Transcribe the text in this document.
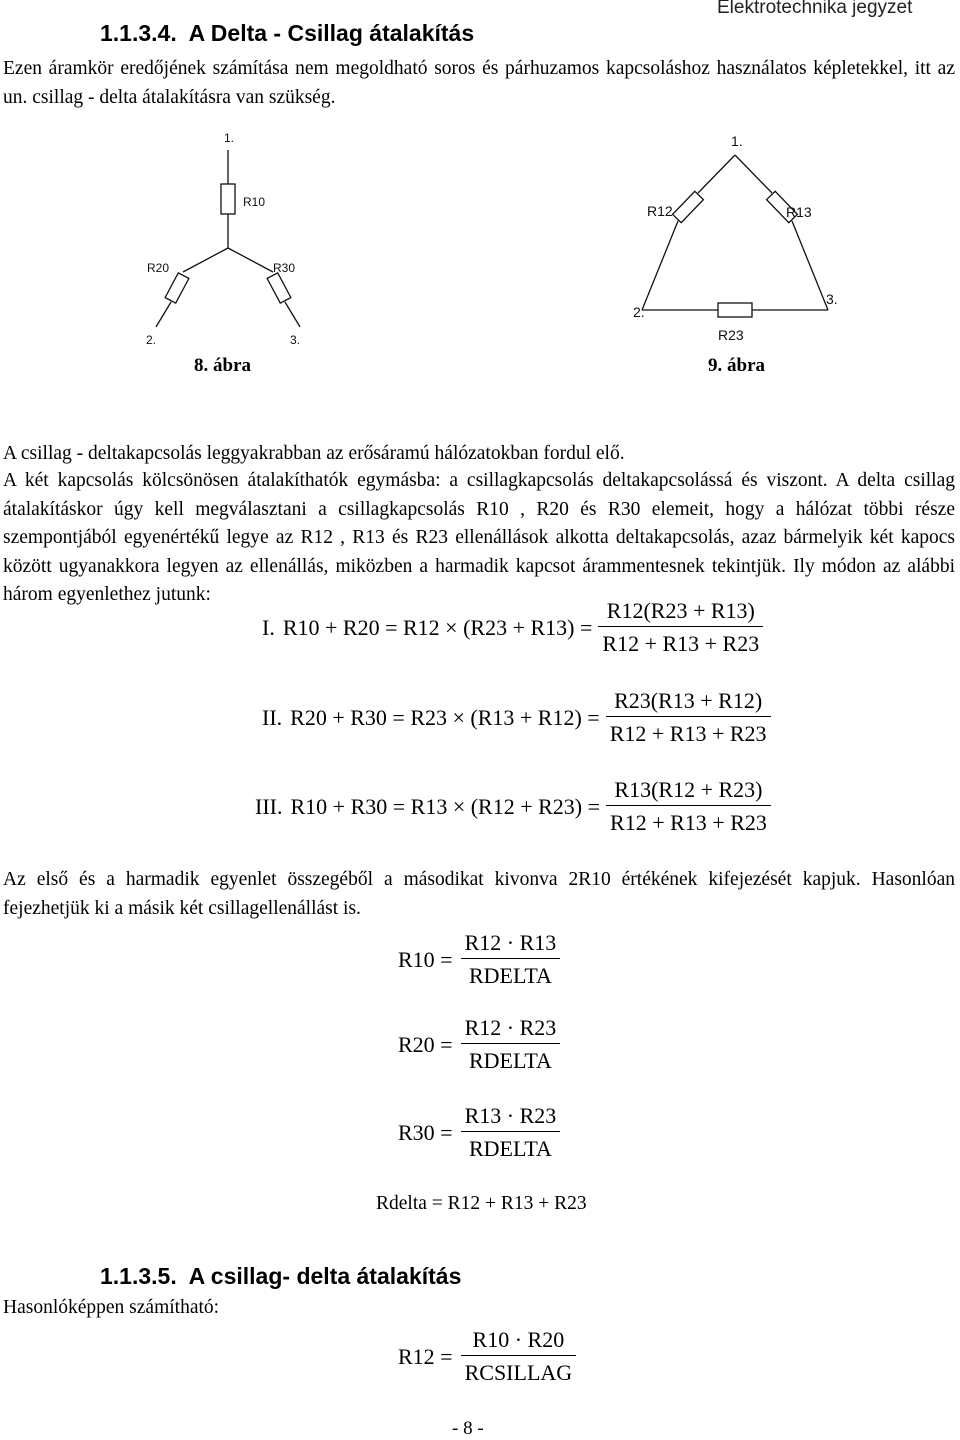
Elektrotechnika jegyzet
1.1.3.4.  A Delta - Csillag átalakítás
Ezen áramkör eredőjének számítása nem megoldható soros és párhuzamos kapcsoláshoz használatos képletekkel, itt az un. csillag - delta átalakításra van szükség.
1.
R10
R20	R30
2.	3.
1.
R12	R13
2.
3.
R23
8. ábra	9. ábra
A csillag - deltakapcsolás leggyakrabban az erősáramú hálózatokban fordul elő.
A két kapcsolás kölcsönösen átalakíthatók egymásba: a csillagkapcsolás deltakapcsolássá és viszont. A delta csillag átalakításkor úgy kell megválasztani a csillagkapcsolás R10 , R20 és R30 elemeit, hogy a hálózat többi része szempontjából egyenértékű legye az R12 , R13 és R23 ellenállások alkotta deltakapcsolás, azaz bármelyik két kapocs között ugyanakkora legyen az ellenállás, miközben a harmadik kapcsot árammentesnek tekintjük. Ily módon az alábbi három egyenlethez jutunk:
I. $R10 + R20 = R12 \times (R23 + R13) = \frac{R12(R23 + R13)}{R12 + R13 + R23}$
II. $R20 + R30 = R23 \times (R13 + R12) = \frac{R23(R13 + R12)}{R12 + R13 + R23}$
III. $R10 + R30 = R13 \times (R12 + R23) = \frac{R13(R12 + R23)}{R12 + R13 + R23}$
Az első és a harmadik egyenlet összegéből a másodikat kivonva 2R10 értékének kifejezését kapjuk. Hasonlóan fejezhetjük ki a másik két csillagellenállást is.
$R10 = \frac{R12 \cdot R13}{\text{RDELTA}}$
$R20 = \frac{R12 \cdot R23}{\text{RDELTA}}$
$R30 = \frac{R13 \cdot R23}{\text{RDELTA}}$
Rdelta = R12 + R13 + R23
1.1.3.5.  A csillag- delta átalakítás
Hasonlóképpen számítható:
$R12 = \frac{R10 \cdot R20}{\text{RCSILLAG}}$
- 8 -
